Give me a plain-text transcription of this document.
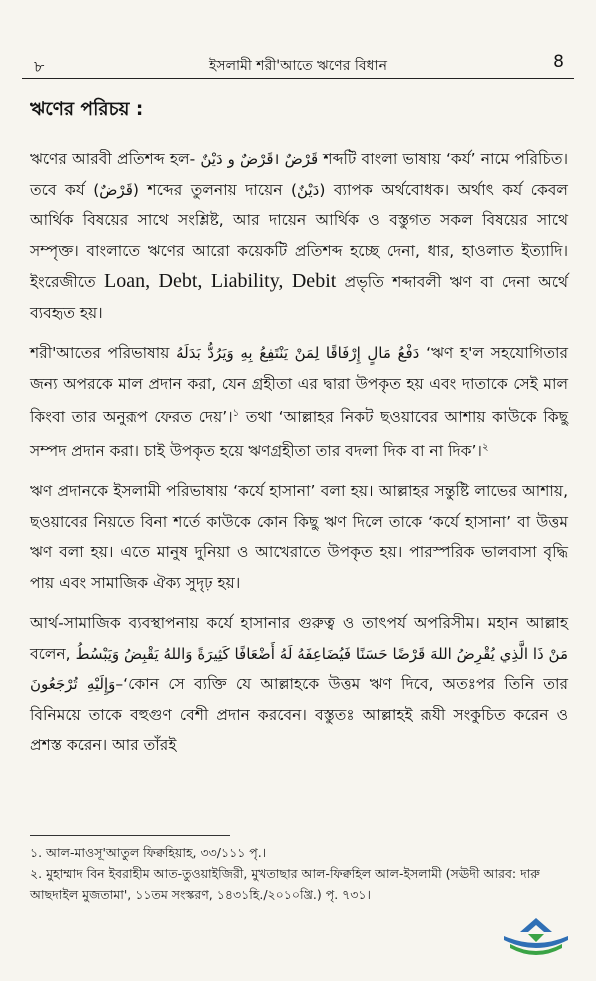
৮	ইসলামী শরী'আতে ঋণের বিধান	8
ঋণের পরিচয় :

ঋণের আরবী প্রতিশব্দ হল- قَرْضٌ و دَيْنٌ। قَرْضٌ শব্দটি বাংলা ভাষায় ‘কর্য’ নামে পরিচিত। তবে কর্য (قَرْضٌ) শব্দের তুলনায় দায়েন (دَيْنٌ) ব্যাপক অর্থবোধক। অর্থাৎ কর্য কেবল আর্থিক বিষয়ের সাথে সংশ্লিষ্ট, আর দায়েন আর্থিক ও বস্তুগত সকল বিষয়ের সাথে সম্পৃক্ত। বাংলাতে ঋণের আরো কয়েকটি প্রতিশব্দ হচ্ছে দেনা, ধার, হাওলাত ইত্যাদি। ইংরেজীতে Loan, Debt, Liability, Debit প্রভৃতি শব্দাবলী ঋণ বা দেনা অর্থে ব্যবহৃত হয়।

শরী'আতের পরিভাষায় دَفْعُ مَالٍ إِرْفَاقًا لِمَنْ يَنْتَفِعُ بِهِ وَيَرُدُّ بَدَلَهُ ‘ঋণ হ'ল সহযোগিতার জন্য অপরকে মাল প্রদান করা, যেন গ্রহীতা এর দ্বারা উপকৃত হয় এবং দাতাকে সেই মাল কিংবা তার অনুরূপ ফেরত দেয়’।$^১$ তথা ‘আল্লাহর নিকট ছওয়াবের আশায় কাউকে কিছু সম্পদ প্রদান করা। চাই উপকৃত হয়ে ঋণগ্রহীতা তার বদলা দিক বা না দিক’।$^২$

ঋণ প্রদানকে ইসলামী পরিভাষায় ‘কর্যে হাসানা’ বলা হয়। আল্লাহর সন্তুষ্টি লাভের আশায়, ছওয়াবের নিয়তে বিনা শর্তে কাউকে কোন কিছু ঋণ দিলে তাকে ‘কর্যে হাসানা’ বা উত্তম ঋণ বলা হয়। এতে মানুষ দুনিয়া ও আখেরাতে উপকৃত হয়। পারস্পরিক ভালবাসা বৃদ্ধি পায় এবং সামাজিক ঐক্য সুদৃঢ় হয়।

আর্থ-সামাজিক ব্যবস্থাপনায় কর্যে হাসানার গুরুত্ব ও তাৎপর্য অপরিসীম। মহান আল্লাহ বলেন, مَنْ ذَا الَّذِي يُقْرِضُ اللهَ قَرْضًا حَسَنًا فَيُضَاعِفَهُ لَهُ أَضْعَافًا كَثِيرَةً وَاللهُ يَقْبِضُ وَيَبْسُطُ وَإِلَيْهِ تُرْجَعُونَ–‘কোন সে ব্যক্তি যে আল্লাহকে উত্তম ঋণ দিবে, অতঃপর তিনি তার বিনিময়ে তাকে বহুগুণ বেশী প্রদান করবেন। বস্তুতঃ আল্লাহই রূযী সংকুচিত করেন ও প্রশস্ত করেন। আর তাঁরই

১. আল-মাওসূ'আতুল ফিক্বহিয়াহ, ৩৩/১১১ পৃ.।

২. মুহাম্মাদ বিন ইবরাহীম আত-তুওয়াইজিরী, মুখতাছার আল-ফিক্বহিল আল-ইসলামী (সঊদী আরব: দারু আছদাইল মুজতামা', ১১তম সংস্করণ, ১৪৩১হি./২০১০খ্রি.) পৃ. ৭৩১।
